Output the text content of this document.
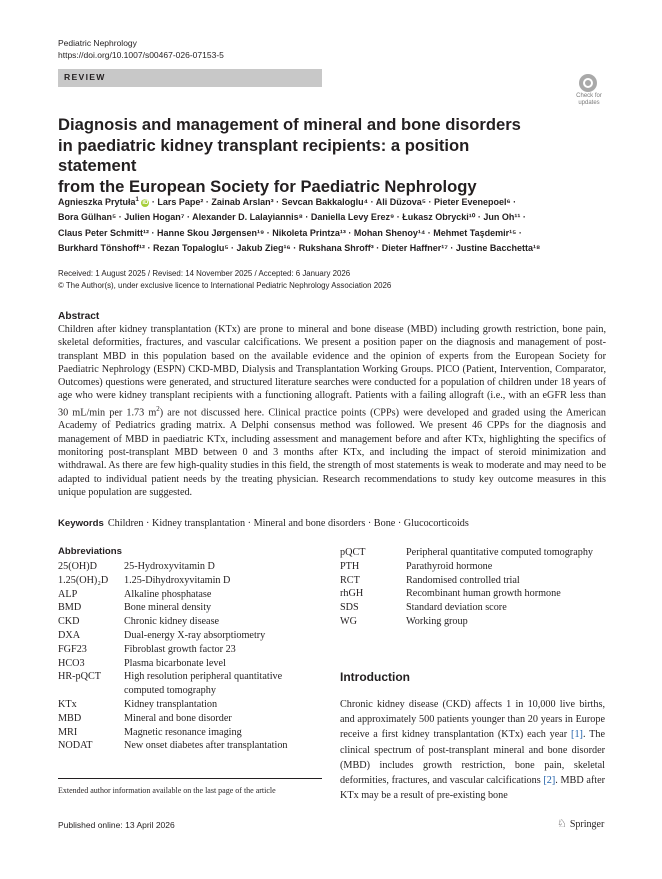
Pediatric Nephrology
https://doi.org/10.1007/s00467-026-07153-5
REVIEW
Check for
updates
Diagnosis and management of mineral and bone disorders
in paediatric kidney transplant recipients: a position statement
from the European Society for Paediatric Nephrology

Agnieszka Prytuła$^1$ iD · Lars Pape² · Zainab Arslan³ · Sevcan Bakkaloglu⁴ · Ali Düzova⁵ · Pieter Evenepoel⁶ ·

Bora Gülhan⁵ · Julien Hogan⁷ · Alexander D. Lalayiannis⁸ · Daniella Levy Erez⁹ · Łukasz Obrycki¹⁰ · Jun Oh¹¹ ·

Claus Peter Schmitt¹² · Hanne Skou Jørgensen¹⁹ · Nikoleta Printza¹³ · Mohan Shenoy¹⁴ · Mehmet Taşdemir¹⁵ ·

Burkhard Tönshoff¹² · Rezan Topaloglu⁵ · Jakub Zieg¹⁶ · Rukshana Shroff³ · Dieter Haffner¹⁷ · Justine Bacchetta¹⁸

Received: 1 August 2025 / Revised: 14 November 2025 / Accepted: 6 January 2026
© The Author(s), under exclusive licence to International Pediatric Nephrology Association 2026
Abstract
Children after kidney transplantation (KTx) are prone to mineral and bone disease (MBD) including growth restriction, bone pain, skeletal deformities, fractures, and vascular calcifications. We present a position paper on the diagnosis and management of post-transplant MBD in this population based on the available evidence and the opinion of experts from the European Society for Paediatric Nephrology (ESPN) CKD-MBD, Dialysis and Transplantation Working Groups. PICO (Patient, Intervention, Comparator, Outcomes) questions were generated, and structured literature searches were conducted for a population of children under 18 years of age who were kidney transplant recipients with a functioning allograft. Patients with a failing allograft (i.e., with an eGFR less than 30 mL/min per 1.73 $m^2$) are not discussed here. Clinical practice points (CPPs) were developed and graded using the American Academy of Pediatrics grading matrix. A Delphi consensus method was followed. We present 46 CPPs for the diagnosis and management of MBD in paediatric KTx, including assessment and management before and after KTx, highlighting the specifics of monitoring post-transplant MBD between 0 and 3 months after KTx, and including the impact of steroid minimization and withdrawal. As there are few high-quality studies in this field, the strength of most statements is weak to moderate and may need to be adapted to individual patient needs by the treating physician. Research recommendations to study key outcome measures in this unique population are suggested.
Keywords Children · Kidney transplantation · Mineral and bone disorders · Bone · Glucocorticoids
Abbreviations
25(OH)D	25-Hydroxyvitamin D
1.25(OH)₂D	1.25-Dihydroxyvitamin D
ALP	Alkaline phosphatase
BMD	Bone mineral density
CKD	Chronic kidney disease
DXA	Dual-energy X-ray absorptiometry
FGF23	Fibroblast growth factor 23
HCO3	Plasma bicarbonate level
HR-pQCT	High resolution peripheral quantitative computed tomography
KTx	Kidney transplantation
MBD	Mineral and bone disorder
MRI	Magnetic resonance imaging
NODAT	New onset diabetes after transplantation
pQCT	Peripheral quantitative computed tomography
PTH	Parathyroid hormone
RCT	Randomised controlled trial
rhGH	Recombinant human growth hormone
SDS	Standard deviation score
WG	Working group
Extended author information available on the last page of the article
Introduction
Chronic kidney disease (CKD) affects 1 in 10,000 live births, and approximately 500 patients younger than 20 years in Europe receive a first kidney transplantation (KTx) each year [1]. The clinical spectrum of post-transplant mineral and bone disorder (MBD) includes growth restriction, bone pain, skeletal deformities, fractures, and vascular calcifications [2]. MBD after KTx may be a result of pre-existing bone
Published online: 13 April 2026	♘ Springer
